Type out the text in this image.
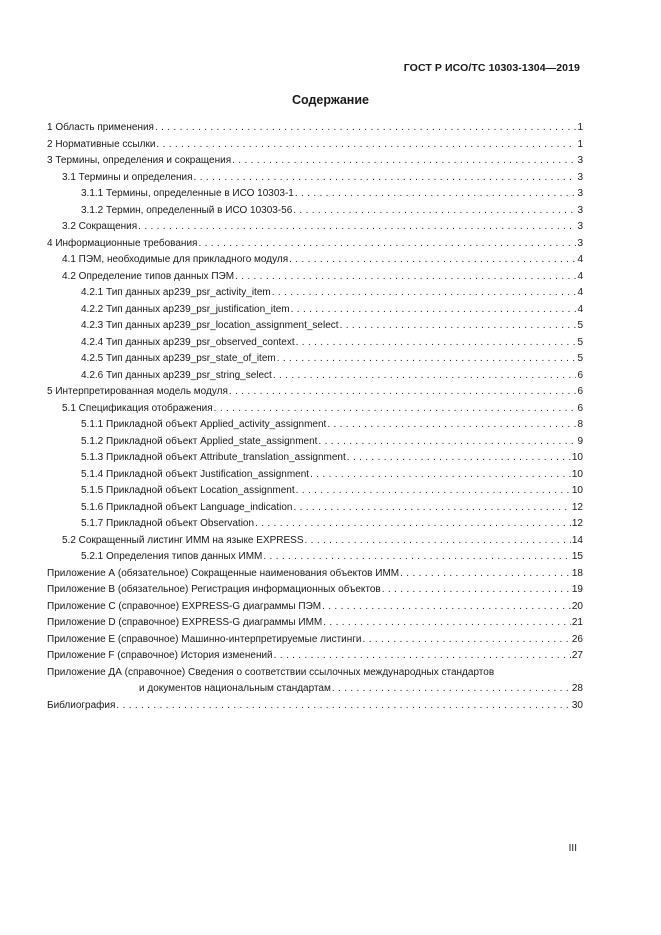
ГОСТ Р ИСО/ТС 10303-1304—2019
Содержание
1 Область применения . . .	1
2 Нормативные ссылки . . .	1
3 Термины, определения и сокращения . . .	3
3.1 Термины и определения . . .	3
3.1.1 Термины, определенные в ИСО 10303-1 . . .	3
3.1.2 Термин, определенный в ИСО 10303-56 . . .	3
3.2 Сокращения . . .	3
4 Информационные требования . . .	3
4.1 ПЭМ, необходимые для прикладного модуля . . .	4
4.2 Определение типов данных ПЭМ . . .	4
4.2.1 Тип данных ap239_psr_activity_item . . .	4
4.2.2 Тип данных ap239_psr_justification_item . . .	4
4.2.3 Тип данных ap239_psr_location_assignment_select . . .	5
4.2.4 Тип данных ap239_psr_observed_context . . .	5
4.2.5 Тип данных ap239_psr_state_of_item . . .	5
4.2.6 Тип данных ap239_psr_string_select . . .	6
5 Интерпретированная модель модуля . . .	6
5.1 Спецификация отображения . . .	6
5.1.1 Прикладной объект Applied_activity_assignment . . .	8
5.1.2 Прикладной объект Applied_state_assignment . . .	9
5.1.3 Прикладной объект Attribute_translation_assignment . . .	10
5.1.4 Прикладной объект Justification_assignment . . .	10
5.1.5 Прикладной объект Location_assignment . . .	10
5.1.6 Прикладной объект Language_indication . . .	12
5.1.7 Прикладной объект Observation . . .	12
5.2 Сокращенный листинг ИММ на языке EXPRESS . . .	14
5.2.1 Определения типов данных ИММ . . .	15
Приложение А (обязательное) Сокращенные наименования объектов ИММ . . .	18
Приложение В (обязательное) Регистрация информационных объектов . . .	19
Приложение С (справочное) EXPRESS-G диаграммы ПЭМ . . .	20
Приложение D (справочное) EXPRESS-G диаграммы ИММ . . .	21
Приложение E (справочное) Машинно-интерпретируемые листинги . . .	26
Приложение F (справочное) История изменений . . .	27
Приложение ДА (справочное) Сведения о соответствии ссылочных международных стандартов
и документов национальным стандартам . . .	28
Библиография . . .	30
III
